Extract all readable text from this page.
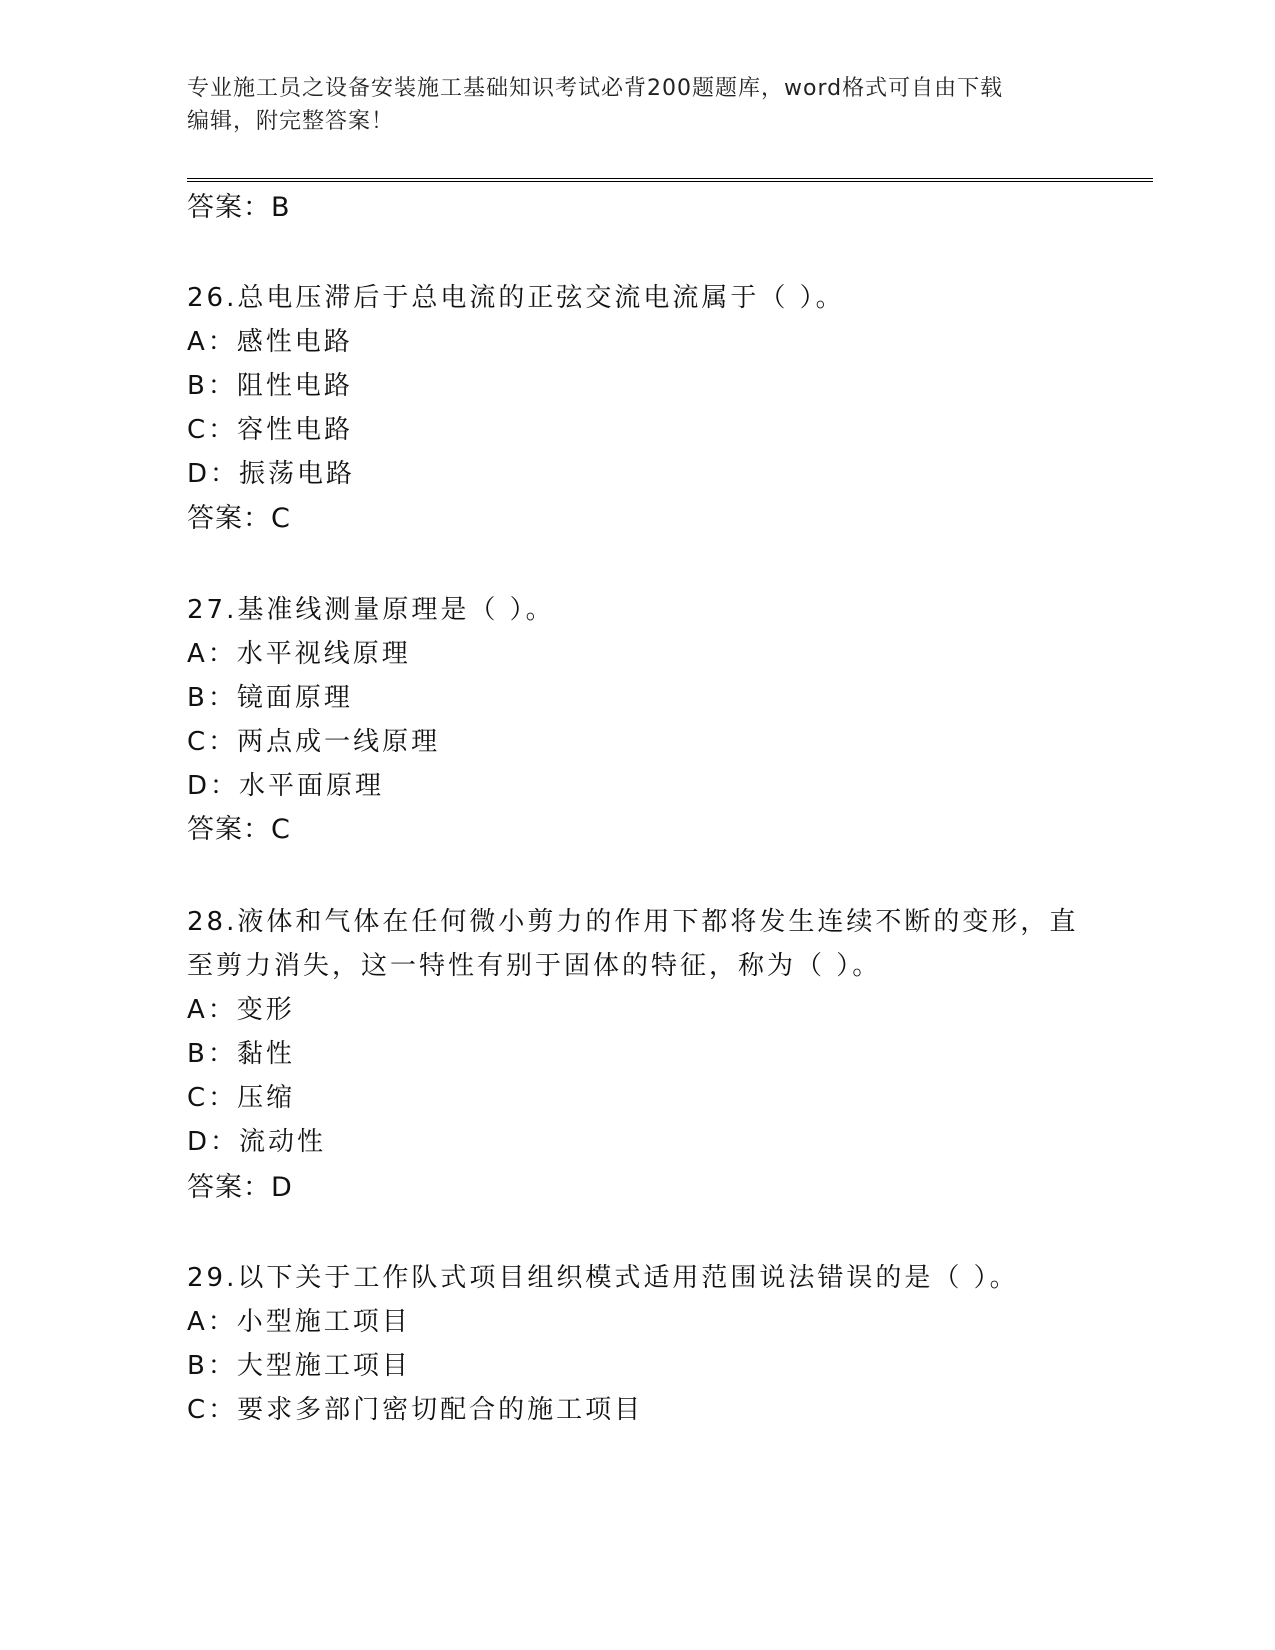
专业施工员之设备安装施工基础知识考试必背200题题库，word格式可自由下载
编辑，附完整答案！
答案：B
26.总电压滞后于总电流的正弦交流电流属于（ ）。
A：感性电路
B：阻性电路
C：容性电路
D：振荡电路
答案：C
27.基准线测量原理是（ ）。
A：水平视线原理
B：镜面原理
C：两点成一线原理
D：水平面原理
答案：C
28.液体和气体在任何微小剪力的作用下都将发生连续不断的变形，直
至剪力消失，这一特性有别于固体的特征，称为（ ）。
A：变形
B：黏性
C：压缩
D：流动性
答案：D
29.以下关于工作队式项目组织模式适用范围说法错误的是（ ）。
A：小型施工项目
B：大型施工项目
C：要求多部门密切配合的施工项目
